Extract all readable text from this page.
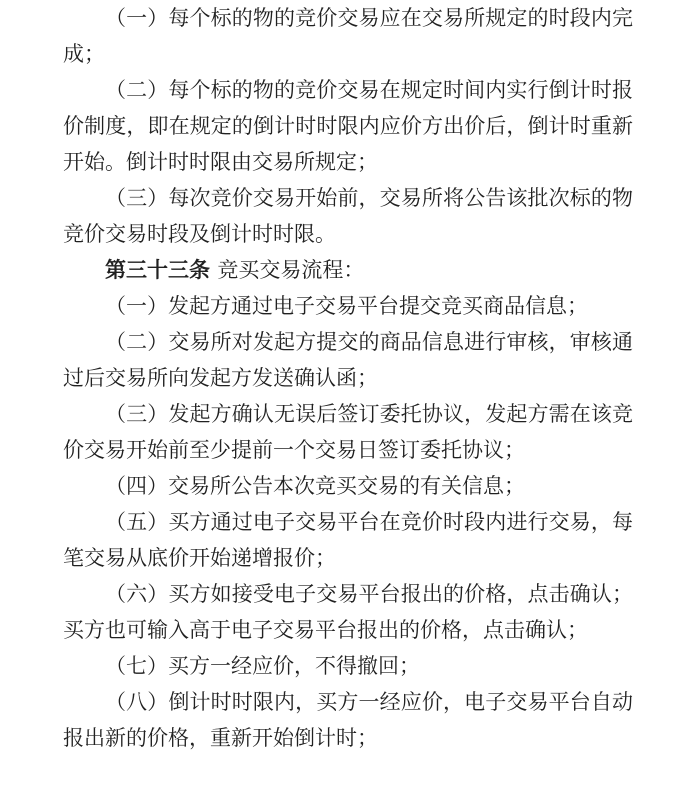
（一）每个标的物的竞价交易应在交易所规定的时段内完成；

（二）每个标的物的竞价交易在规定时间内实行倒计时报价制度，即在规定的倒计时时限内应价方出价后，倒计时重新开始。倒计时时限由交易所规定；

（三）每次竞价交易开始前，交易所将公告该批次标的物竞价交易时段及倒计时时限。

第三十三条 竞买交易流程：

（一）发起方通过电子交易平台提交竞买商品信息；

（二）交易所对发起方提交的商品信息进行审核，审核通过后交易所向发起方发送确认函；

（三）发起方确认无误后签订委托协议，发起方需在该竞价交易开始前至少提前一个交易日签订委托协议；

（四）交易所公告本次竞买交易的有关信息；

（五）买方通过电子交易平台在竞价时段内进行交易，每笔交易从底价开始递增报价；

（六）买方如接受电子交易平台报出的价格，点击确认；买方也可输入高于电子交易平台报出的价格，点击确认；

（七）买方一经应价，不得撤回；

（八）倒计时时限内，买方一经应价，电子交易平台自动报出新的价格，重新开始倒计时；
